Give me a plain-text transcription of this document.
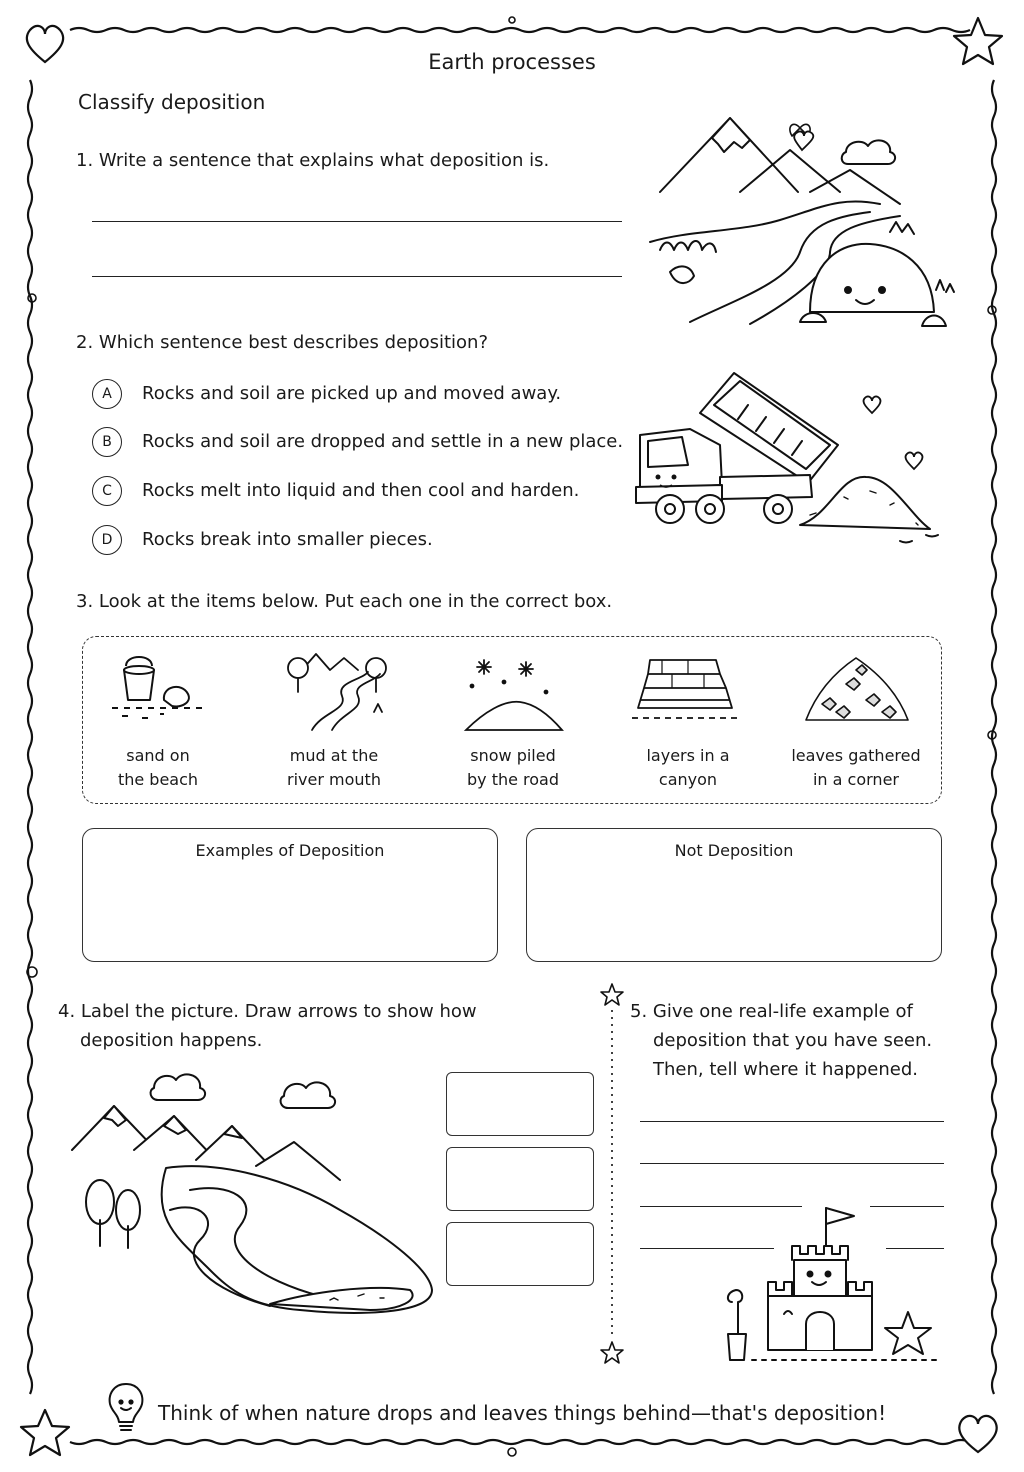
Earth processes
Classify deposition
1. Write a sentence that explains what deposition is.
2. Which sentence best describes deposition?
A	Rocks and soil are picked up and moved away.
B	Rocks and soil are dropped and settle in a new place.
C	Rocks melt into liquid and then cool and harden.
D	Rocks break into smaller pieces.
3. Look at the items below. Put each one in the correct box.
sand on
the beach
mud at the
river mouth
snow piled
by the road
layers in a
canyon
leaves gathered
in a corner
Examples of Deposition	Not Deposition
4. Label the picture. Draw arrows to show how
deposition happens.
5. Give one real-life example of
deposition that you have seen.
Then, tell where it happened.
Think of when nature drops and leaves things behind—that's deposition!
